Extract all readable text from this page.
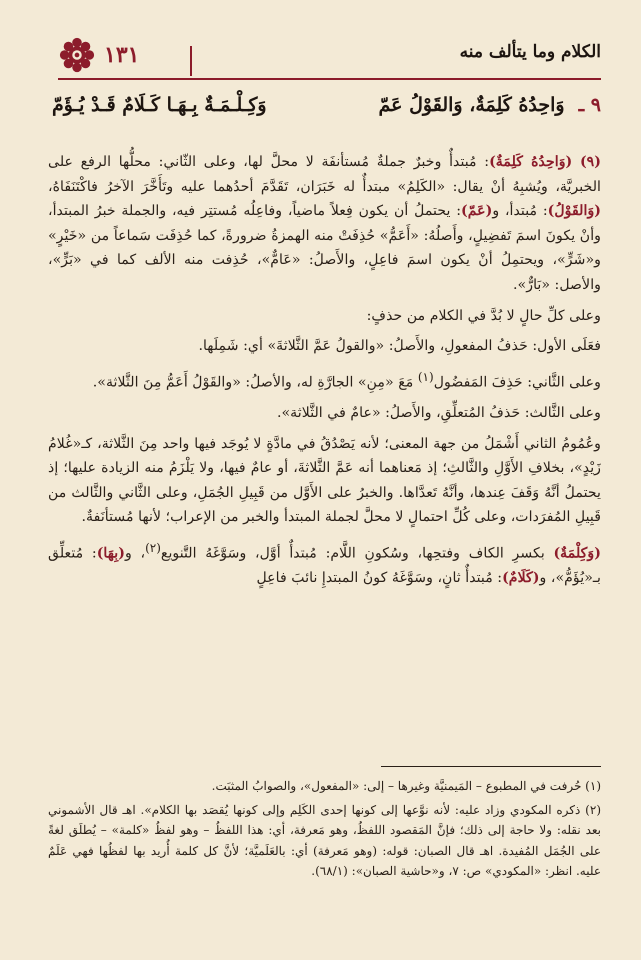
الكلام وما يتألف منه
١٣١
٩ ـ
وَاحِدُهُ كَلِمَةٌ، وَالقَوْلُ عَمّ
وَكِـلْـمَـةٌ بِـهَـا كَـلَامٌ قَـدْ يُـؤَمّ

(٩) (وَاحِدُهُ كَلِمَةٌ): مُبتدأٌ وخبرٌ جملةٌ مُستأنفَة لا محلَّ لها، وعلى الثّاني: محلُّها الرفع على الخبريَّة، ويُشبِهُ أنْ يقال: «الكَلِمُ» مبتدأٌ له خَبَرَان، تَقَدَّمَ أحدُهما عليه وتَأَخَّرَ الآخرُ فاكْتَنَفَاهُ، (وَالقَوْلُ): مُبتدأ، و(عَمّ): يحتملُ أن يكون فِعلاً ماضياً، وفاعِلُه مُستتِر فيه، والجملة خبرُ المبتدأ، وأنْ يكونَ اسمَ تَفضِيلٍ، وأَصلُهُ: «أَعَمُّ» حُذِفَتْ منه الهمزةُ ضرورةً، كما حُذِفَت سَماعاً من «خَيْرٍ» و«شَرٍّ»، ويحتمِلُ أنْ يكون اسمَ فاعِلٍ، والأَصلُ: «عَامٌّ»، حُذِفت منه الألف كما في «بَرٍّ»، والأصل: «بَارٌّ».

وعلى كلِّ حالٍ لا بُدَّ في الكلام من حذفٍ:

فعَلَى الأول: حَذفُ المفعولِ، والأَصلُ: «والقولُ عَمَّ الثَّلاثةَ» أي: شَمِلَها.

وعلى الثَّاني: حَذِفَ المَفضُول$^{(١)}$ مَعَ «مِنِ» الجارَّةِ له، والأصلُ: «والقَوْلُ أَعَمُّ مِنَ الثَّلاثة».

وعلى الثَّالث: حَذفُ المُتعلِّقِ، والأَصلُ: «عامٌ في الثَّلاثة».

وعُمُومُ الثاني أَشْمَلُ من جهة المعنى؛ لأنه يَصْدُقُ في مادَّةٍ لا يُوجَد فيها واحد مِنَ الثَّلاثة، كـ«غُلامُ زَيْدٍ»، بخلافِ الأَوَّلِ والثَّالثِ؛ إذ مَعناهما أنه عَمَّ الثَّلاثةَ، أو عامٌ فيها، ولا يَلْزَمُ منه الزيادة عليها؛ إذ يحتملُ أنَّهُ وَقَفَ عِندها، وأنَّهُ تَعدَّاها. والخبرُ على الأَوَّل من قَبِيلِ الجُمَلِ، وعلى الثَّاني والثَّالث من قَبِيلِ المُفرَدات، وعلى كُلِّ احتمالٍ لا محلَّ لجملة المبتدأ والخبر من الإعراب؛ لأنها مُستأنَفةٌ.

(وَكِلْمَةٌ) بكسرِ الكاف وفتحِها، وسُكونِ اللَّام: مُبتدأٌ أوَّل، وسَوَّغَهُ التَّنويع$^{(٢)}$، و(بِهَا): مُتعلِّق بـ«يُؤَمُّ»، و(كَلَامٌ): مُبتدأٌ ثانٍ، وسَوَّغَهُ كونُ المبتدإِ نائبَ فاعِلٍ

(١) حُرفت في المطبوع – المَيمنيَّة وغيرها – إلى: «المفعول»، والصوابُ المثبَت.

(٢) ذكره المكودي وزاد عليه: لأنه نوَّعها إلى كونها إحدى الكَلِم وإلى كونها يُقصَد بها الكلام». اهـ قال الأشموني بعد نقله: ولا حاجة إلى ذلك؛ فإنَّ المَقصود اللفظُ، وهو مَعرفة، أي: هذا اللفظُ – وهو لفظُ «كلمة» – يُطلَق لغةً على الجُمَل المُفيدة. اهـ قال الصبان: قوله: (وهو مَعرفة) أي: بالعَلَميَّة؛ لأنَّ كل كلمة أُريد بها لفظُها فهي عَلَمٌ عليه. انظر: «المكودي» ص: ٧، و«حاشية الصبان»: (٦٨/١).
